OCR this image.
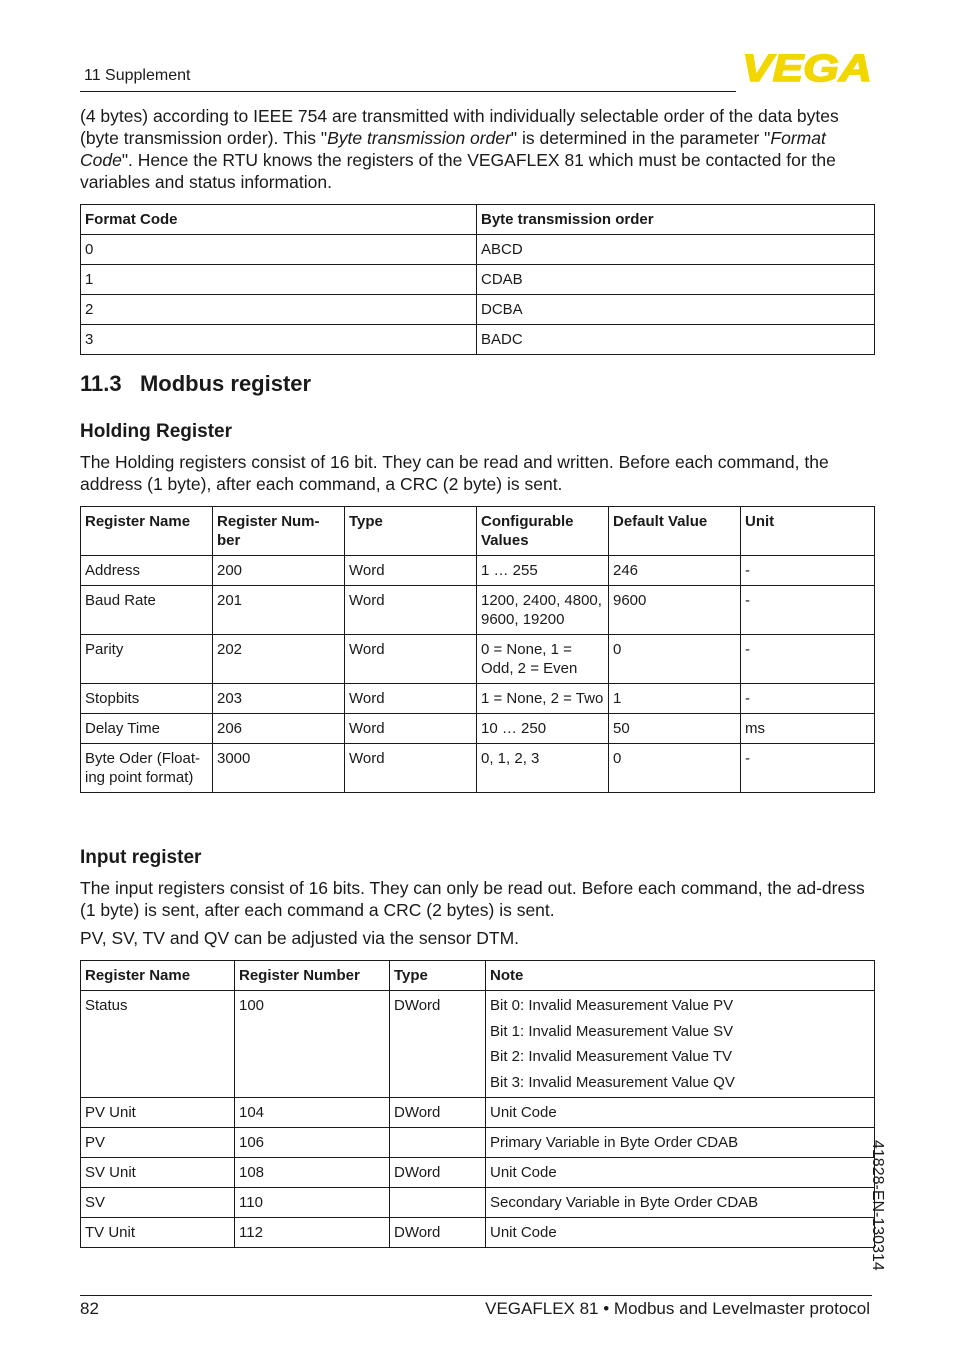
11 Supplement	VEGA
(4 bytes) according to IEEE 754 are transmitted with individually selectable order of the data bytes (byte transmission order). This "Byte transmission order" is determined in the parameter "Format Code". Hence the RTU knows the registers of the VEGAFLEX 81 which must be contacted for the variables and status information.
Format Code	Byte transmission order
0	ABCD
1	CDAB
2	DCBA
3	BADC
11.3 Modbus register
Holding Register
The Holding registers consist of 16 bit. They can be read and written. Before each command, the address (1 byte), after each command, a CRC (2 byte) is sent.
Register Name	Register Num-ber	Type	Configurable Values	Default Value	Unit
Address	200	Word	1 … 255	246	-
Baud Rate	201	Word	1200, 2400, 4800, 9600, 19200	9600	-
Parity	202	Word	0 = None, 1 = Odd, 2 = Even	0	-
Stopbits	203	Word	1 = None, 2 = Two	1	-
Delay Time	206	Word	10 … 250	50	ms
Byte Oder (Float-ing point format)	3000	Word	0, 1, 2, 3	0	-
Input register
The input registers consist of 16 bits. They can only be read out. Before each command, the ad-dress (1 byte) is sent, after each command a CRC (2 bytes) is sent.
PV, SV, TV and QV can be adjusted via the sensor DTM.
Register Name	Register Number	Type	Note
Status	100	DWord	Bit 0: Invalid Measurement Value PV
Bit 1: Invalid Measurement Value SV
Bit 2: Invalid Measurement Value TV
Bit 3: Invalid Measurement Value QV

PV Unit	104	DWord	Unit Code
PV	106		Primary Variable in Byte Order CDAB
SV Unit	108	DWord	Unit Code
SV	110		Secondary Variable in Byte Order CDAB
TV Unit	112	DWord	Unit Code	41828-EN-130314
82	VEGAFLEX 81 • Modbus and Levelmaster protocol
